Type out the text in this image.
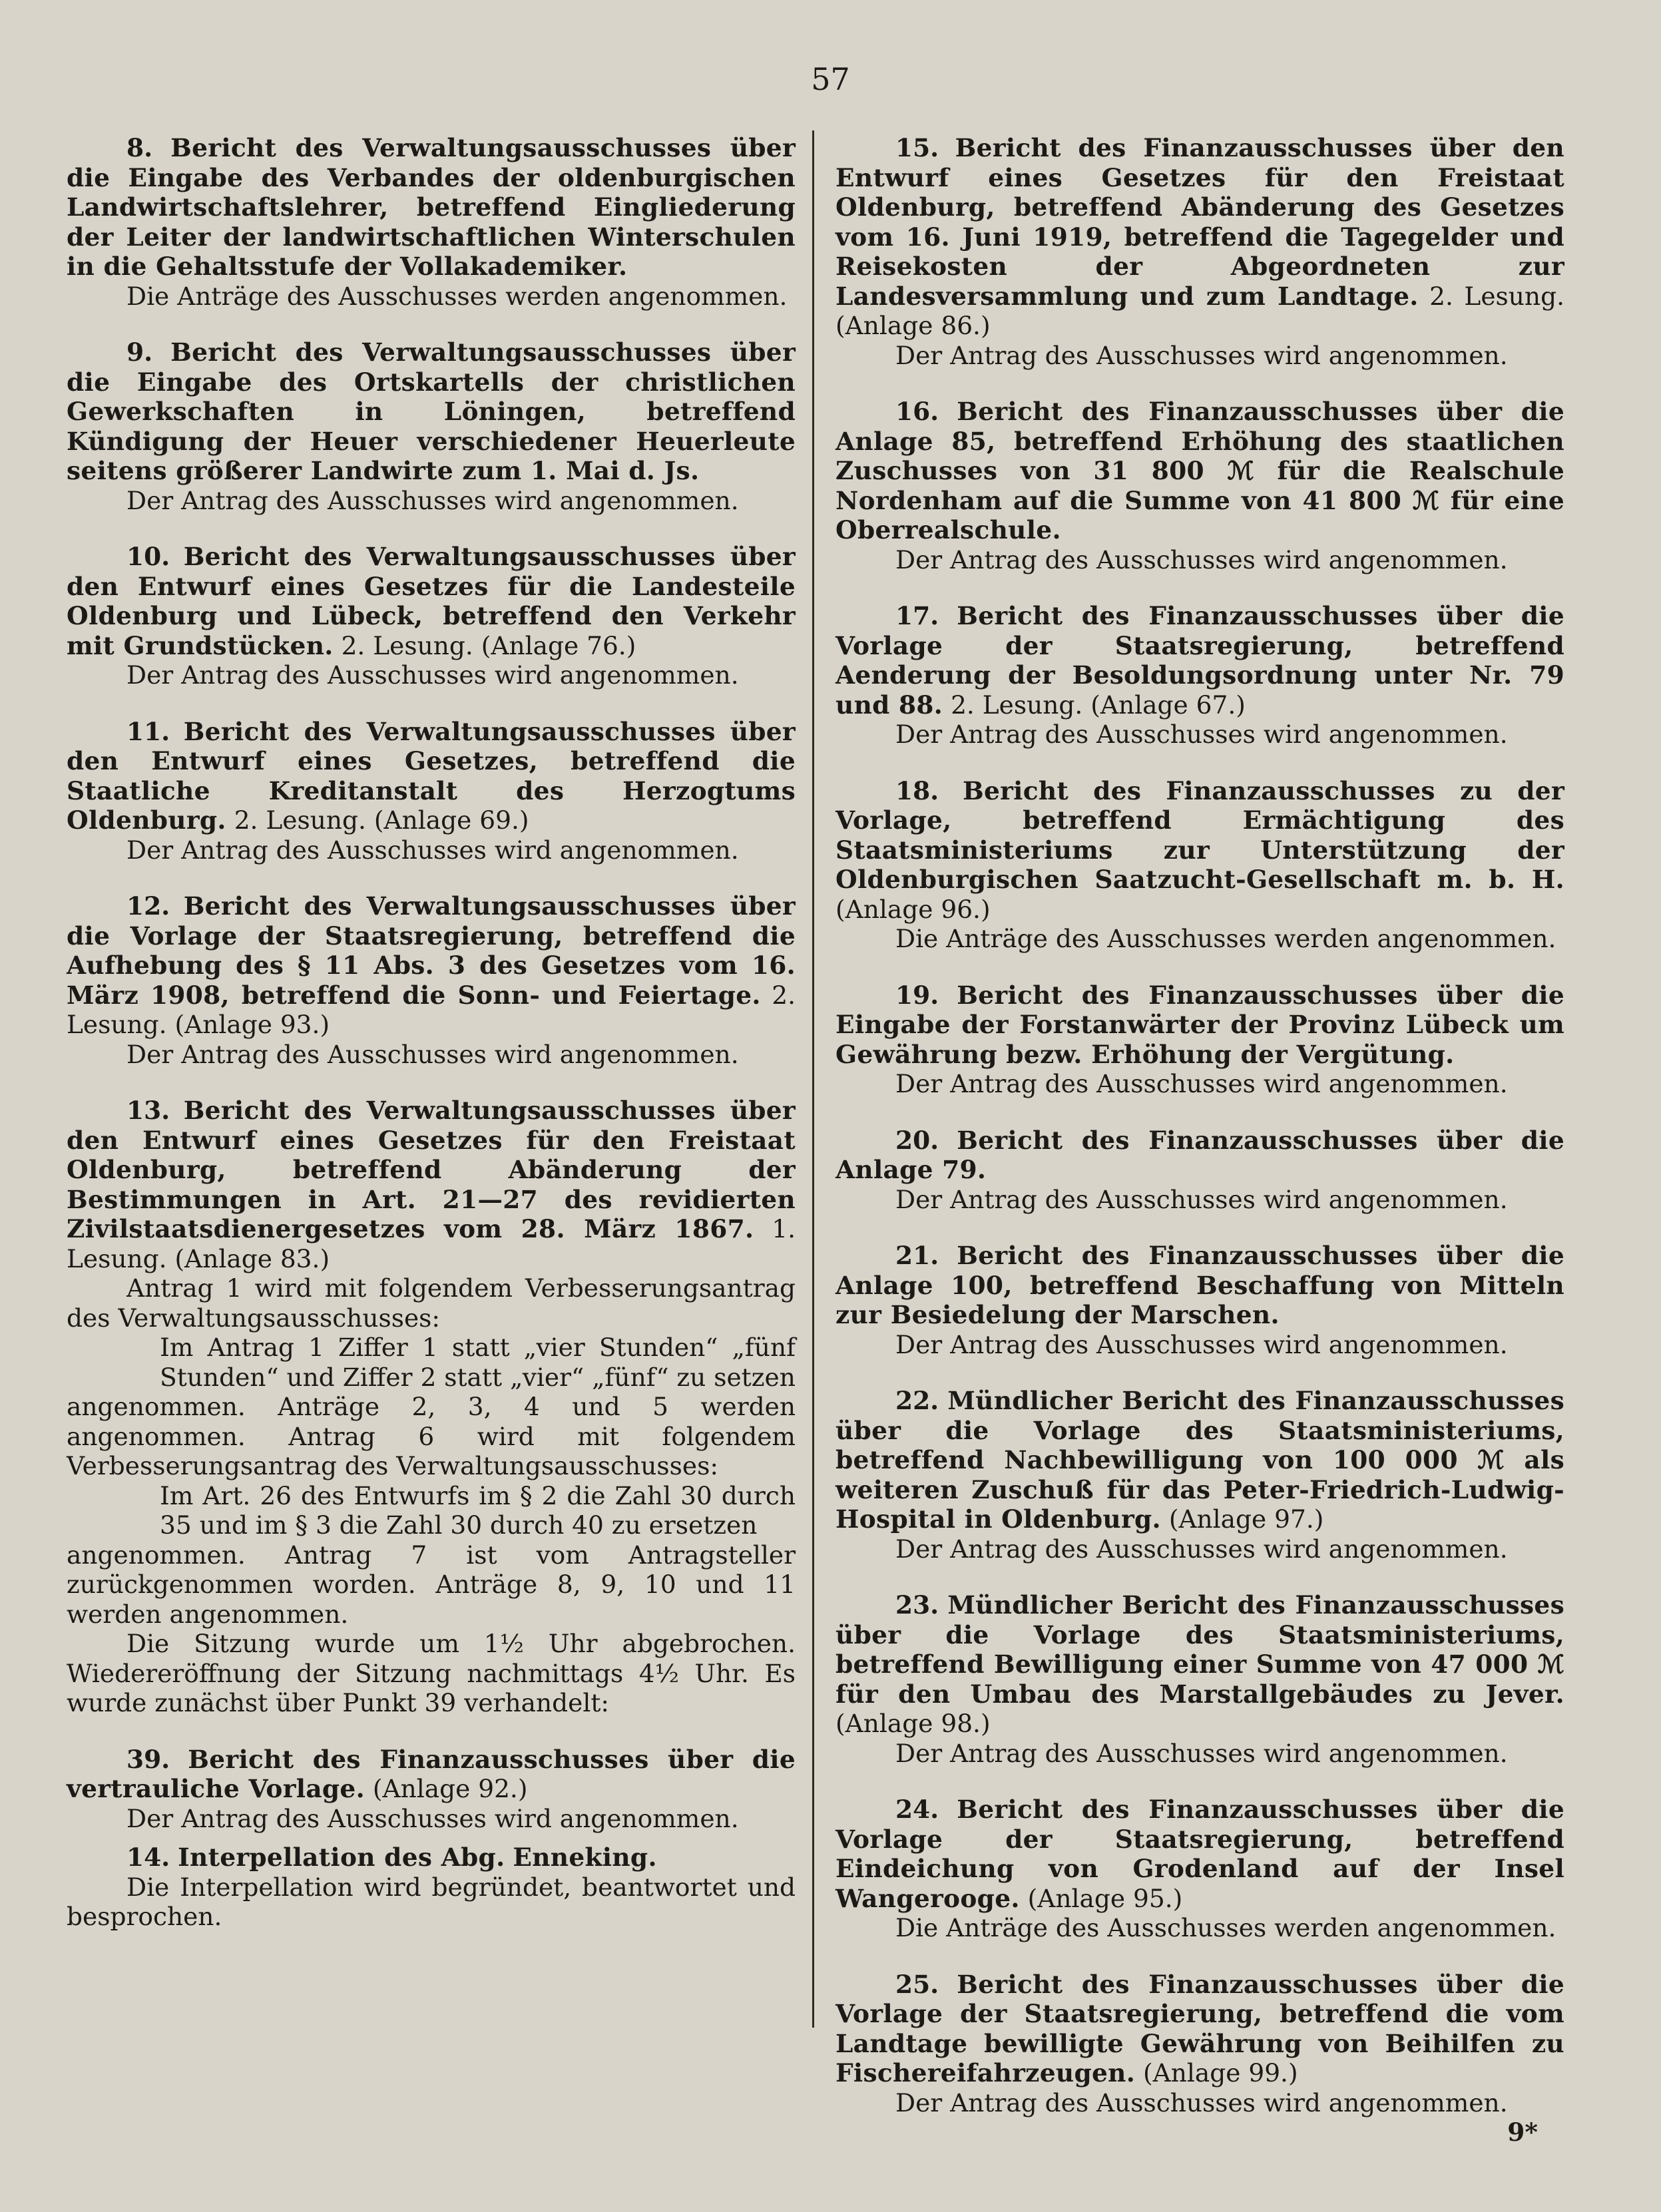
57

8. Bericht des Verwaltungsausschusses über die Eingabe des Verbandes der oldenburgischen Landwirtschaftslehrer, betreffend Eingliederung der Leiter der landwirtschaftlichen Winterschulen in die Gehaltsstufe der Vollakademiker.

Die Anträge des Ausschusses werden angenommen.

9. Bericht des Verwaltungsausschusses über die Eingabe des Ortskartells der christlichen Gewerkschaften in Löningen, betreffend Kündigung der Heuer verschiedener Heuerleute seitens größerer Landwirte zum 1. Mai d. Js.

Der Antrag des Ausschusses wird angenommen.

10. Bericht des Verwaltungsausschusses über den Entwurf eines Gesetzes für die Landesteile Oldenburg und Lübeck, betreffend den Verkehr mit Grundstücken. 2. Lesung. (Anlage 76.)

Der Antrag des Ausschusses wird angenommen.

11. Bericht des Verwaltungsausschusses über den Entwurf eines Gesetzes, betreffend die Staatliche Kreditanstalt des Herzogtums Oldenburg. 2. Lesung. (Anlage 69.)

Der Antrag des Ausschusses wird angenommen.

12. Bericht des Verwaltungsausschusses über die Vorlage der Staatsregierung, betreffend die Aufhebung des § 11 Abs. 3 des Gesetzes vom 16. März 1908, betreffend die Sonn- und Feiertage. 2. Lesung. (Anlage 93.)

Der Antrag des Ausschusses wird angenommen.

13. Bericht des Verwaltungsausschusses über den Entwurf eines Gesetzes für den Freistaat Oldenburg, betreffend Abänderung der Bestimmungen in Art. 21—27 des revidierten Zivilstaatsdienergesetzes vom 28. März 1867. 1. Lesung. (Anlage 83.)

Antrag 1 wird mit folgendem Verbesserungsantrag des Verwaltungsausschusses:

Im Antrag 1 Ziffer 1 statt „vier Stunden“ „fünf Stunden“ und Ziffer 2 statt „vier“ „fünf“ zu setzen

angenommen. Anträge 2, 3, 4 und 5 werden angenommen. Antrag 6 wird mit folgendem Verbesserungsantrag des Verwaltungsausschusses:

Im Art. 26 des Entwurfs im § 2 die Zahl 30 durch 35 und im § 3 die Zahl 30 durch 40 zu ersetzen

angenommen. Antrag 7 ist vom Antragsteller zurückgenommen worden. Anträge 8, 9, 10 und 11 werden angenommen.

Die Sitzung wurde um 1½ Uhr abgebrochen. Wiedereröffnung der Sitzung nachmittags 4½ Uhr. Es wurde zunächst über Punkt 39 verhandelt:

39. Bericht des Finanzausschusses über die vertrauliche Vorlage. (Anlage 92.)

Der Antrag des Ausschusses wird angenommen.

14. Interpellation des Abg. Enneking.

Die Interpellation wird begründet, beantwortet und besprochen.

15. Bericht des Finanzausschusses über den Entwurf eines Gesetzes für den Freistaat Oldenburg, betreffend Abänderung des Gesetzes vom 16. Juni 1919, betreffend die Tagegelder und Reisekosten der Abgeordneten zur Landesversammlung und zum Landtage. 2. Lesung. (Anlage 86.)

Der Antrag des Ausschusses wird angenommen.

16. Bericht des Finanzausschusses über die Anlage 85, betreffend Erhöhung des staatlichen Zuschusses von 31 800 ℳ für die Realschule Nordenham auf die Summe von 41 800 ℳ für eine Oberrealschule.

Der Antrag des Ausschusses wird angenommen.

17. Bericht des Finanzausschusses über die Vorlage der Staatsregierung, betreffend Aenderung der Besoldungsordnung unter Nr. 79 und 88. 2. Lesung. (Anlage 67.)

Der Antrag des Ausschusses wird angenommen.

18. Bericht des Finanzausschusses zu der Vorlage, betreffend Ermächtigung des Staatsministeriums zur Unterstützung der Oldenburgischen Saatzucht-Gesellschaft m. b. H. (Anlage 96.)

Die Anträge des Ausschusses werden angenommen.

19. Bericht des Finanzausschusses über die Eingabe der Forstanwärter der Provinz Lübeck um Gewährung bezw. Erhöhung der Vergütung.

Der Antrag des Ausschusses wird angenommen.

20. Bericht des Finanzausschusses über die Anlage 79.

Der Antrag des Ausschusses wird angenommen.

21. Bericht des Finanzausschusses über die Anlage 100, betreffend Beschaffung von Mitteln zur Besiedelung der Marschen.

Der Antrag des Ausschusses wird angenommen.

22. Mündlicher Bericht des Finanzausschusses über die Vorlage des Staatsministeriums, betreffend Nachbewilligung von 100 000 ℳ als weiteren Zuschuß für das Peter-Friedrich-Ludwig-Hospital in Oldenburg. (Anlage 97.)

Der Antrag des Ausschusses wird angenommen.

23. Mündlicher Bericht des Finanzausschusses über die Vorlage des Staatsministeriums, betreffend Bewilligung einer Summe von 47 000 ℳ für den Umbau des Marstallgebäudes zu Jever. (Anlage 98.)

Der Antrag des Ausschusses wird angenommen.

24. Bericht des Finanzausschusses über die Vorlage der Staatsregierung, betreffend Eindeichung von Grodenland auf der Insel Wangerooge. (Anlage 95.)

Die Anträge des Ausschusses werden angenommen.

25. Bericht des Finanzausschusses über die Vorlage der Staatsregierung, betreffend die vom Landtage bewilligte Gewährung von Beihilfen zu Fischereifahrzeugen. (Anlage 99.)

Der Antrag des Ausschusses wird angenommen.

9*
